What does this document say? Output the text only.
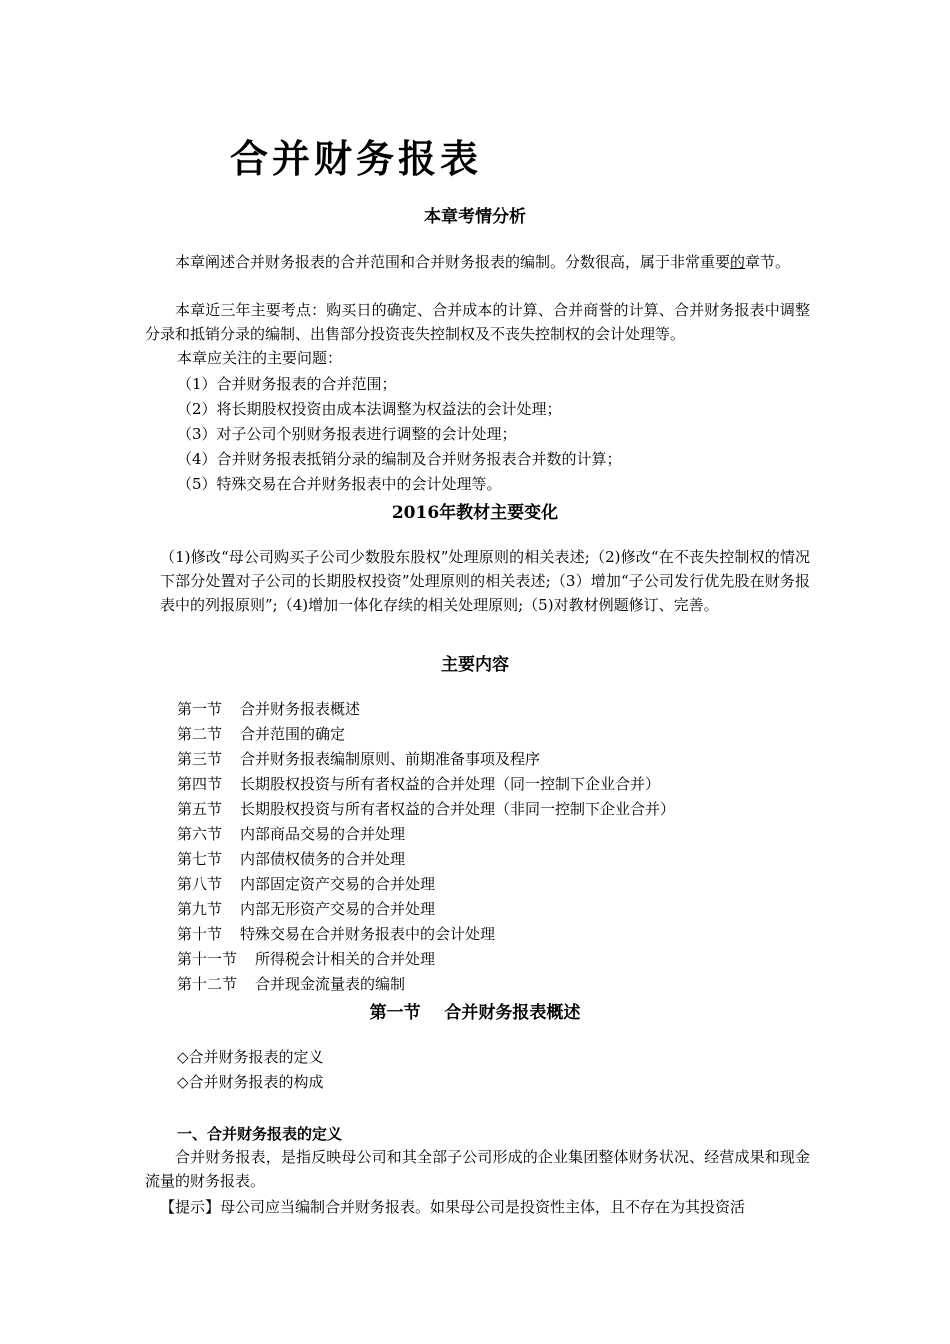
合并财务报表
本章考情分析

本章阐述合并财务报表的合并范围和合并财务报表的编制。分数很高，属于非常重要的章节。

本章近三年主要考点：购买日的确定、合并成本的计算、合并商誉的计算、合并财务报表中调整分录和抵销分录的编制、出售部分投资丧失控制权及不丧失控制权的会计处理等。

本章应关注的主要问题：

（1）合并财务报表的合并范围；

（2）将长期股权投资由成本法调整为权益法的会计处理；

（3）对子公司个别财务报表进行调整的会计处理；

（4）合并财务报表抵销分录的编制及合并财务报表合并数的计算；

（5）特殊交易在合并财务报表中的会计处理等。

2016年教材主要变化

（1)修改“母公司购买子公司少数股东股权”处理原则的相关表述;（2)修改“在不丧失控制权的情况下部分处置对子公司的长期股权投资”处理原则的相关表述;（3）增加“子公司发行优先股在财务报表中的列报原则”;（4)增加一体化存续的相关处理原则;（5)对教材例题修订、完善。

主要内容

第一节 合并财务报表概述

第二节 合并范围的确定

第三节 合并财务报表编制原则、前期准备事项及程序

第四节 长期股权投资与所有者权益的合并处理（同一控制下企业合并）

第五节 长期股权投资与所有者权益的合并处理（非同一控制下企业合并）

第六节 内部商品交易的合并处理

第七节 内部债权债务的合并处理

第八节 内部固定资产交易的合并处理

第九节 内部无形资产交易的合并处理

第十节 特殊交易在合并财务报表中的会计处理

第十一节 所得税会计相关的合并处理

第十二节 合并现金流量表的编制

第一节    合并财务报表概述

◇合并财务报表的定义

◇合并财务报表的构成

一、合并财务报表的定义

合并财务报表，是指反映母公司和其全部子公司形成的企业集团整体财务状况、经营成果和现金流量的财务报表。

【提示】母公司应当编制合并财务报表。如果母公司是投资性主体，且不存在为其投资活
